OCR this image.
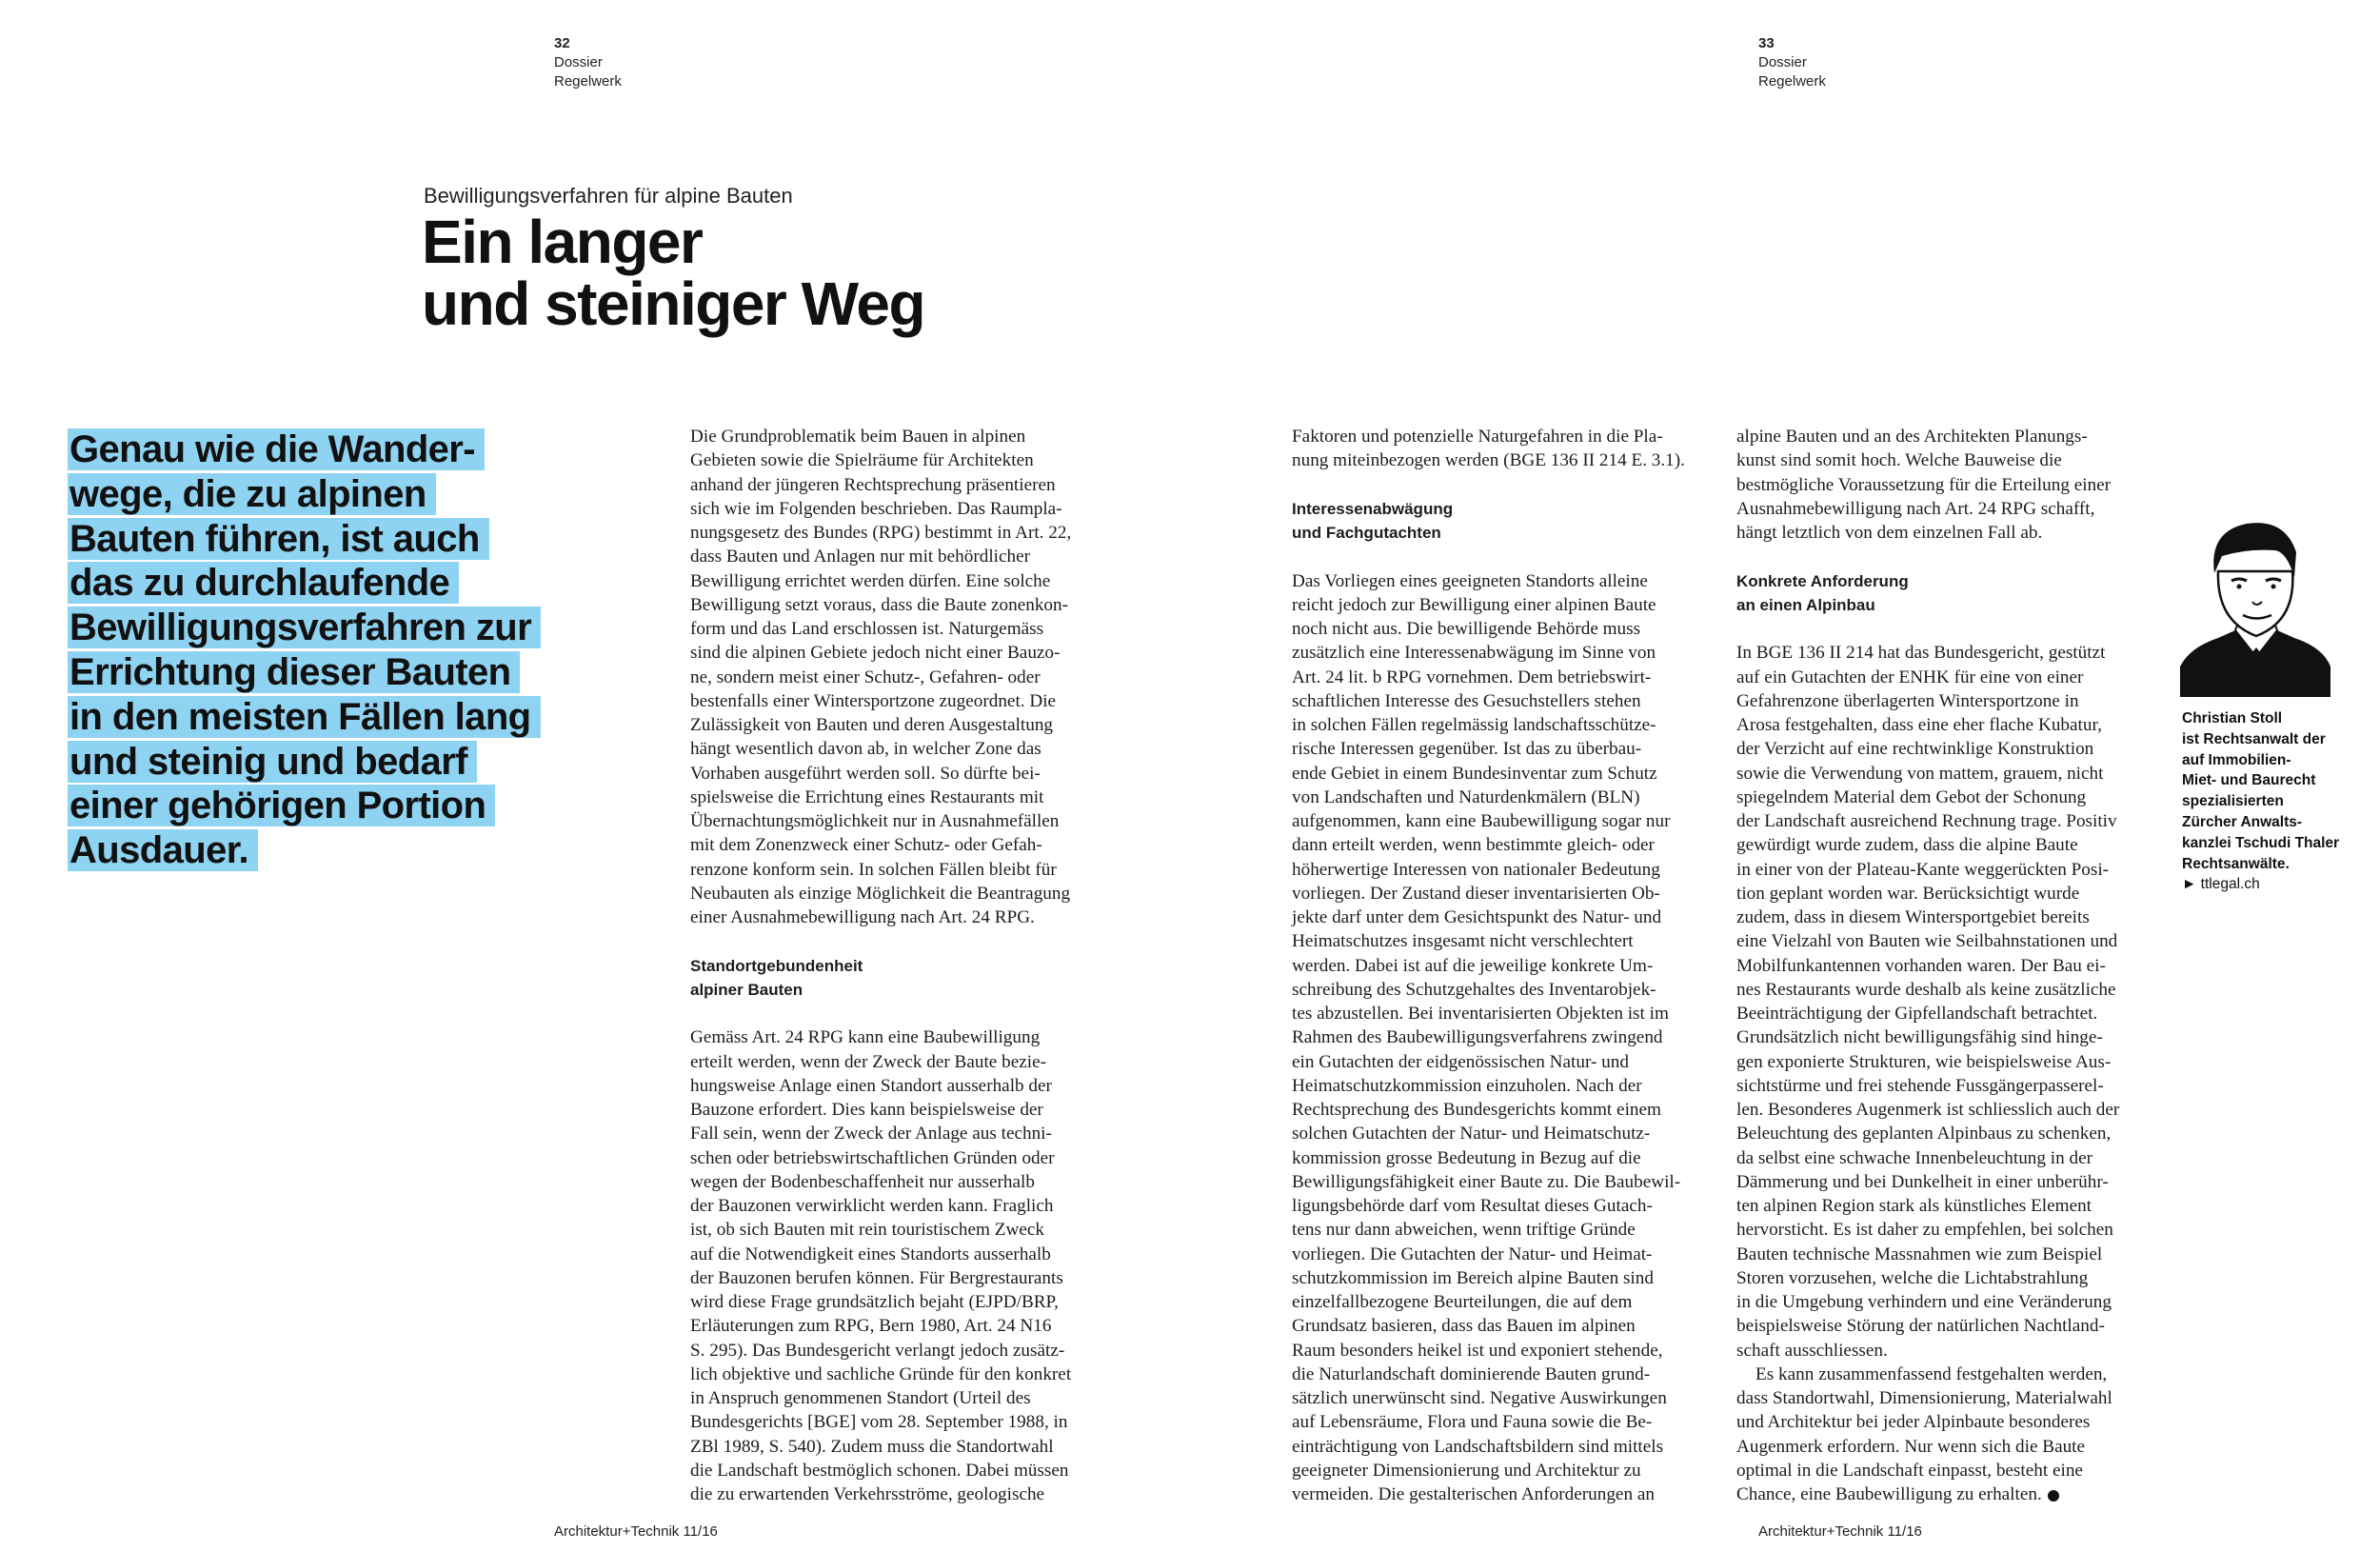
32
Dossier
Regelwerk
33
Dossier
Regelwerk
Bewilligungsverfahren für alpine Bauten
Ein langer
und steiniger Weg
Genau wie die Wander-
wege, die zu alpinen
Bauten führen, ist auch
das zu durchlaufende
Bewilligungsverfahren zur
Errichtung dieser Bauten
in den meisten Fällen lang
und steinig und bedarf
einer gehörigen Portion
Ausdauer.
Die Grundproblematik beim Bauen in alpinen
Gebieten sowie die Spielräume für Architekten
anhand der jüngeren Rechtsprechung präsentieren
sich wie im Folgenden beschrieben. Das Raumpla-
nungsgesetz des Bundes (RPG) bestimmt in Art. 22,
dass Bauten und Anlagen nur mit behördlicher
Bewilligung errichtet werden dürfen. Eine solche
Bewilligung setzt voraus, dass die Baute zonenkon-
form und das Land erschlossen ist. Naturgemäss
sind die alpinen Gebiete jedoch nicht einer Bauzo-
ne, sondern meist einer Schutz-, Gefahren- oder
bestenfalls einer Wintersportzone zugeordnet. Die
Zulässigkeit von Bauten und deren Ausgestaltung
hängt wesentlich davon ab, in welcher Zone das
Vorhaben ausgeführt werden soll. So dürfte bei-
spielsweise die Errichtung eines Restaurants mit
Übernachtungsmöglichkeit nur in Ausnahmefällen
mit dem Zonenzweck einer Schutz- oder Gefah-
renzone konform sein. In solchen Fällen bleibt für
Neubauten als einzige Möglichkeit die Beantragung
einer Ausnahmebewilligung nach Art. 24 RPG.
Standortgebundenheit
alpiner Bauten
Gemäss Art. 24 RPG kann eine Baubewilligung
erteilt werden, wenn der Zweck der Baute bezie-
hungsweise Anlage einen Standort ausserhalb der
Bauzone erfordert. Dies kann beispielsweise der
Fall sein, wenn der Zweck der Anlage aus techni-
schen oder betriebswirtschaftlichen Gründen oder
wegen der Bodenbeschaffenheit nur ausserhalb
der Bauzonen verwirklicht werden kann. Fraglich
ist, ob sich Bauten mit rein touristischem Zweck
auf die Notwendigkeit eines Standorts ausserhalb
der Bauzonen berufen können. Für Bergrestaurants
wird diese Frage grundsätzlich bejaht (EJPD/BRP,
Erläuterungen zum RPG, Bern 1980, Art. 24 N16
S. 295). Das Bundesgericht verlangt jedoch zusätz-
lich objektive und sachliche Gründe für den konkret
in Anspruch genommenen Standort (Urteil des
Bundesgerichts [BGE] vom 28. September 1988, in
ZBl 1989, S. 540). Zudem muss die Standortwahl
die Landschaft bestmöglich schonen. Dabei müssen
die zu erwartenden Verkehrsströme, geologische
Faktoren und potenzielle Naturgefahren in die Pla-
nung miteinbezogen werden (BGE 136 II 214 E. 3.1).
Interessenabwägung
und Fachgutachten
Das Vorliegen eines geeigneten Standorts alleine
reicht jedoch zur Bewilligung einer alpinen Baute
noch nicht aus. Die bewilligende Behörde muss
zusätzlich eine Interessenabwägung im Sinne von
Art. 24 lit. b RPG vornehmen. Dem betriebswirt-
schaftlichen Interesse des Gesuchstellers stehen
in solchen Fällen regelmässig landschaftsschütze-
rische Interessen gegenüber. Ist das zu überbau-
ende Gebiet in einem Bundesinventar zum Schutz
von Landschaften und Naturdenkmälern (BLN)
aufgenommen, kann eine Baubewilligung sogar nur
dann erteilt werden, wenn bestimmte gleich- oder
höherwertige Interessen von nationaler Bedeutung
vorliegen. Der Zustand dieser inventarisierten Ob-
jekte darf unter dem Gesichtspunkt des Natur- und
Heimatschutzes insgesamt nicht verschlechtert
werden. Dabei ist auf die jeweilige konkrete Um-
schreibung des Schutzgehaltes des Inventarobjek-
tes abzustellen. Bei inventarisierten Objekten ist im
Rahmen des Baubewilligungsverfahrens zwingend
ein Gutachten der eidgenössischen Natur- und
Heimatschutzkommission einzuholen. Nach der
Rechtsprechung des Bundesgerichts kommt einem
solchen Gutachten der Natur- und Heimatschutz-
kommission grosse Bedeutung in Bezug auf die
Bewilligungsfähigkeit einer Baute zu. Die Baubewil-
ligungsbehörde darf vom Resultat dieses Gutach-
tens nur dann abweichen, wenn triftige Gründe
vorliegen. Die Gutachten der Natur- und Heimat-
schutzkommission im Bereich alpine Bauten sind
einzelfallbezogene Beurteilungen, die auf dem
Grundsatz basieren, dass das Bauen im alpinen
Raum besonders heikel ist und exponiert stehende,
die Naturlandschaft dominierende Bauten grund-
sätzlich unerwünscht sind. Negative Auswirkungen
auf Lebensräume, Flora und Fauna sowie die Be-
einträchtigung von Landschaftsbildern sind mittels
geeigneter Dimensionierung und Architektur zu
vermeiden. Die gestalterischen Anforderungen an
alpine Bauten und an des Architekten Planungs-
kunst sind somit hoch. Welche Bauweise die
bestmögliche Voraussetzung für die Erteilung einer
Ausnahmebewilligung nach Art. 24 RPG schafft,
hängt letztlich von dem einzelnen Fall ab.
Konkrete Anforderung
an einen Alpinbau
In BGE 136 II 214 hat das Bundesgericht, gestützt
auf ein Gutachten der ENHK für eine von einer
Gefahrenzone überlagerten Wintersportzone in
Arosa festgehalten, dass eine eher flache Kubatur,
der Verzicht auf eine rechtwinklige Konstruktion
sowie die Verwendung von mattem, grauem, nicht
spiegelndem Material dem Gebot der Schonung
der Landschaft ausreichend Rechnung trage. Positiv
gewürdigt wurde zudem, dass die alpine Baute
in einer von der Plateau-Kante weggerückten Posi-
tion geplant worden war. Berücksichtigt wurde
zudem, dass in diesem Wintersportgebiet bereits
eine Vielzahl von Bauten wie Seilbahnstationen und
Mobilfunkantennen vorhanden waren. Der Bau ei-
nes Restaurants wurde deshalb als keine zusätzliche
Beeinträchtigung der Gipfellandschaft betrachtet.
Grundsätzlich nicht bewilligungsfähig sind hinge-
gen exponierte Strukturen, wie beispielsweise Aus-
sichtstürme und frei stehende Fussgängerpasserel-
len. Besonderes Augenmerk ist schliesslich auch der
Beleuchtung des geplanten Alpinbaus zu schenken,
da selbst eine schwache Innenbeleuchtung in der
Dämmerung und bei Dunkelheit in einer unberühr-
ten alpinen Region stark als künstliches Element
hervorsticht. Es ist daher zu empfehlen, bei solchen
Bauten technische Massnahmen wie zum Beispiel
Storen vorzusehen, welche die Lichtabstrahlung
in die Umgebung verhindern und eine Veränderung
beispielsweise Störung der natürlichen Nachtland-
schaft ausschliessen.
Es kann zusammenfassend festgehalten werden,
dass Standortwahl, Dimensionierung, Materialwahl
und Architektur bei jeder Alpinbaute besonderes
Augenmerk erfordern. Nur wenn sich die Baute
optimal in die Landschaft einpasst, besteht eine
Chance, eine Baubewilligung zu erhalten.
Christian Stoll
ist Rechtsanwalt der
auf Immobilien-
Miet- und Baurecht
spezialisierten
Zürcher Anwalts-
kanzlei Tschudi Thaler
Rechtsanwälte.
► ttlegal.ch
Architektur+Technik 11/16	Architektur+Technik 11/16
